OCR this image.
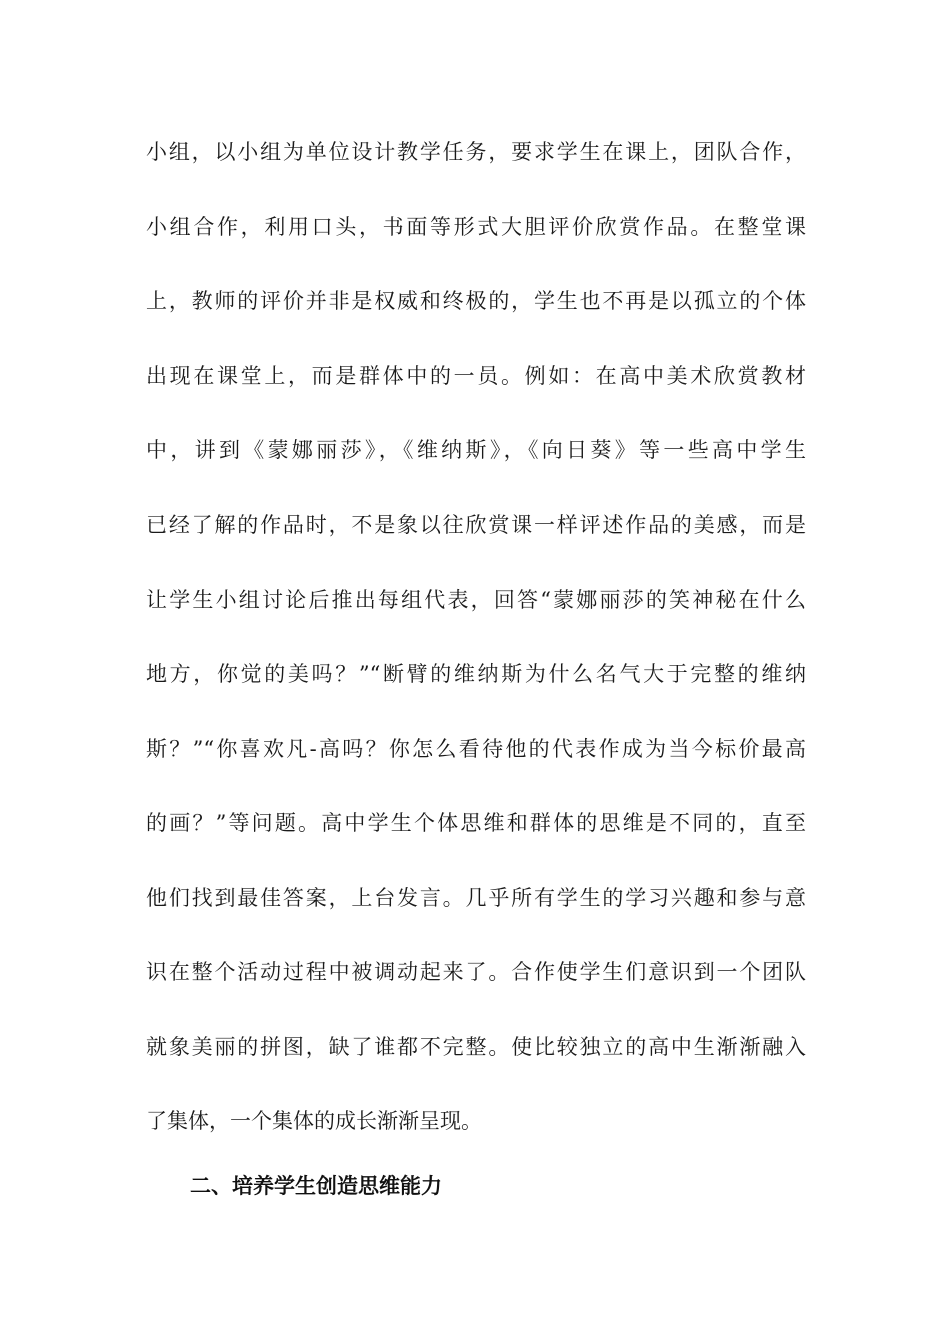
小组，以小组为单位设计教学任务，要求学生在课上，团队合作，
小组合作，利用口头，书面等形式大胆评价欣赏作品。在整堂课
上，教师的评价并非是权威和终极的，学生也不再是以孤立的个体
出现在课堂上，而是群体中的一员。例如：在高中美术欣赏教材
中，讲到《蒙娜丽莎》，《维纳斯》，《向日葵》等一些高中学生
已经了解的作品时，不是象以往欣赏课一样评述作品的美感，而是
让学生小组讨论后推出每组代表，回答“蒙娜丽莎的笑神秘在什么
地方，你觉的美吗？”“断臂的维纳斯为什么名气大于完整的维纳
斯？”“你喜欢凡-高吗？你怎么看待他的代表作成为当今标价最高
的画？”等问题。高中学生个体思维和群体的思维是不同的，直至
他们找到最佳答案，上台发言。几乎所有学生的学习兴趣和参与意
识在整个活动过程中被调动起来了。合作使学生们意识到一个团队
就象美丽的拼图，缺了谁都不完整。使比较独立的高中生渐渐融入
了集体，一个集体的成长渐渐呈现。
二、培养学生创造思维能力
